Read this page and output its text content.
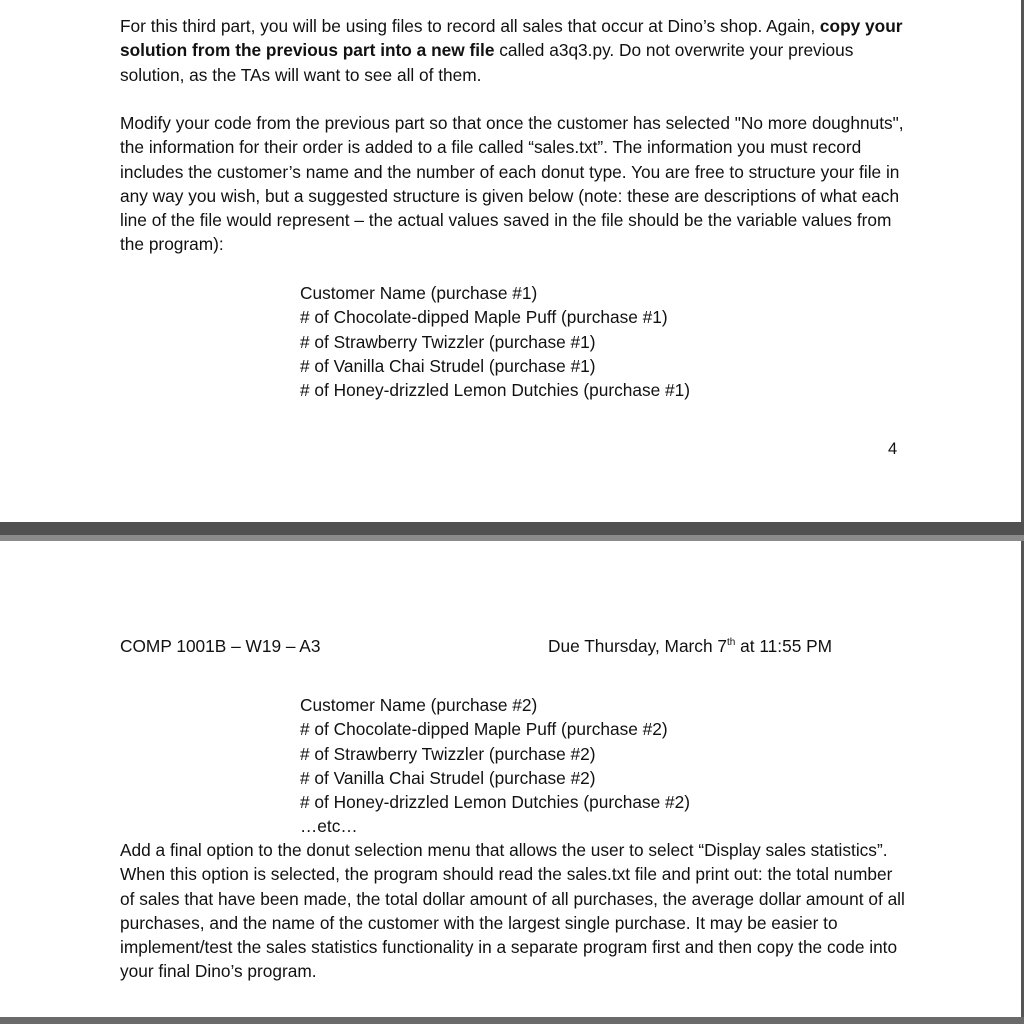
For this third part, you will be using files to record all sales that occur at Dino’s shop. Again, copy your solution from the previous part into a new file called a3q3.py. Do not overwrite your previous solution, as the TAs will want to see all of them.

Modify your code from the previous part so that once the customer has selected "No more doughnuts", the information for their order is added to a file called “sales.txt”. The information you must record includes the customer’s name and the number of each donut type. You are free to structure your file in any way you wish, but a suggested structure is given below (note: these are descriptions of what each line of the file would represent – the actual values saved in the file should be the variable values from the program):

Customer Name (purchase #1)
# of Chocolate-dipped Maple Puff (purchase #1)
# of Strawberry Twizzler (purchase #1)
# of Vanilla Chai Strudel (purchase #1)
# of Honey-drizzled Lemon Dutchies (purchase #1)
4
COMP 1001B – W19 – A3	Due Thursday, March 7th at 11:55 PM
Customer Name (purchase #2)
# of Chocolate-dipped Maple Puff (purchase #2)
# of Strawberry Twizzler (purchase #2)
# of Vanilla Chai Strudel (purchase #2)
# of Honey-drizzled Lemon Dutchies (purchase #2)
…etc…

Add a final option to the donut selection menu that allows the user to select “Display sales statistics”. When this option is selected, the program should read the sales.txt file and print out: the total number of sales that have been made, the total dollar amount of all purchases, the average dollar amount of all purchases, and the name of the customer with the largest single purchase. It may be easier to implement/test the sales statistics functionality in a separate program first and then copy the code into your final Dino’s program.
